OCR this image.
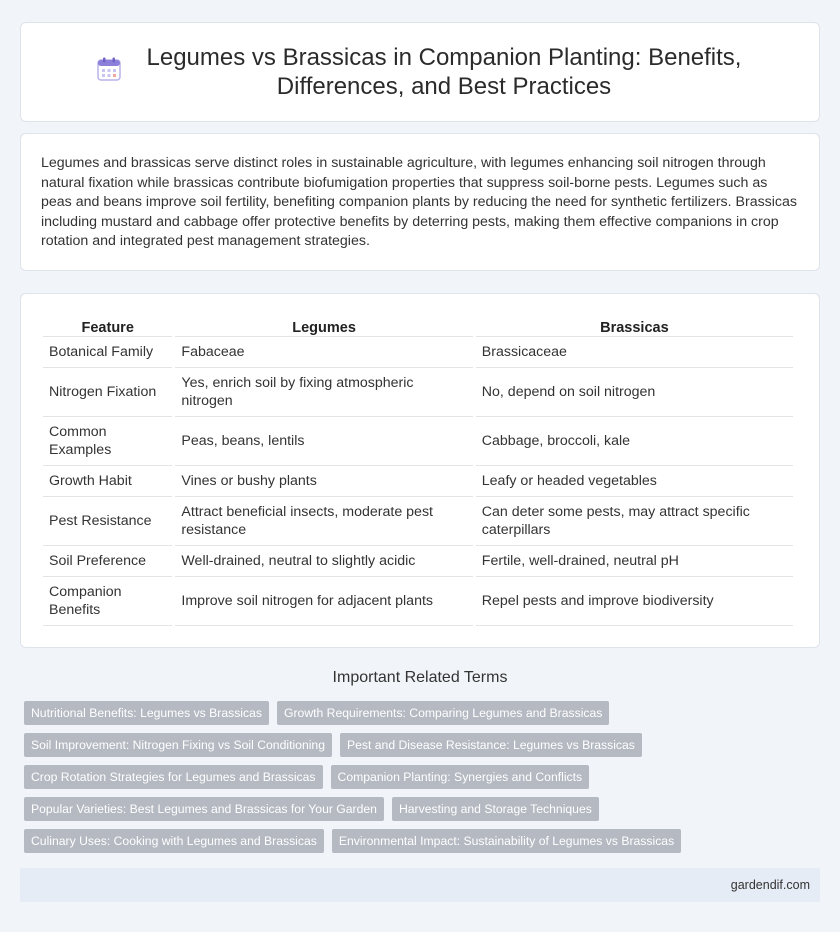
Legumes vs Brassicas in Companion Planting: Benefits, Differences, and Best Practices

Legumes and brassicas serve distinct roles in sustainable agriculture, with legumes enhancing soil nitrogen through natural fixation while brassicas contribute biofumigation properties that suppress soil-borne pests. Legumes such as peas and beans improve soil fertility, benefiting companion plants by reducing the need for synthetic fertilizers. Brassicas including mustard and cabbage offer protective benefits by deterring pests, making them effective companions in crop rotation and integrated pest management strategies.

Feature	Legumes	Brassicas
Botanical Family	Fabaceae	Brassicaceae
Nitrogen Fixation	Yes, enrich soil by fixing atmospheric nitrogen	No, depend on soil nitrogen
Common Examples	Peas, beans, lentils	Cabbage, broccoli, kale
Growth Habit	Vines or bushy plants	Leafy or headed vegetables
Pest Resistance	Attract beneficial insects, moderate pest resistance	Can deter some pests, may attract specific caterpillars
Soil Preference	Well-drained, neutral to slightly acidic	Fertile, well-drained, neutral pH
Companion Benefits	Improve soil nitrogen for adjacent plants	Repel pests and improve biodiversity
Important Related Terms
Nutritional Benefits: Legumes vs Brassicas	Growth Requirements: Comparing Legumes and Brassicas
Soil Improvement: Nitrogen Fixing vs Soil Conditioning	Pest and Disease Resistance: Legumes vs Brassicas
Crop Rotation Strategies for Legumes and Brassicas	Companion Planting: Synergies and Conflicts
Popular Varieties: Best Legumes and Brassicas for Your Garden	Harvesting and Storage Techniques
Culinary Uses: Cooking with Legumes and Brassicas	Environmental Impact: Sustainability of Legumes vs Brassicas
gardendif.com
